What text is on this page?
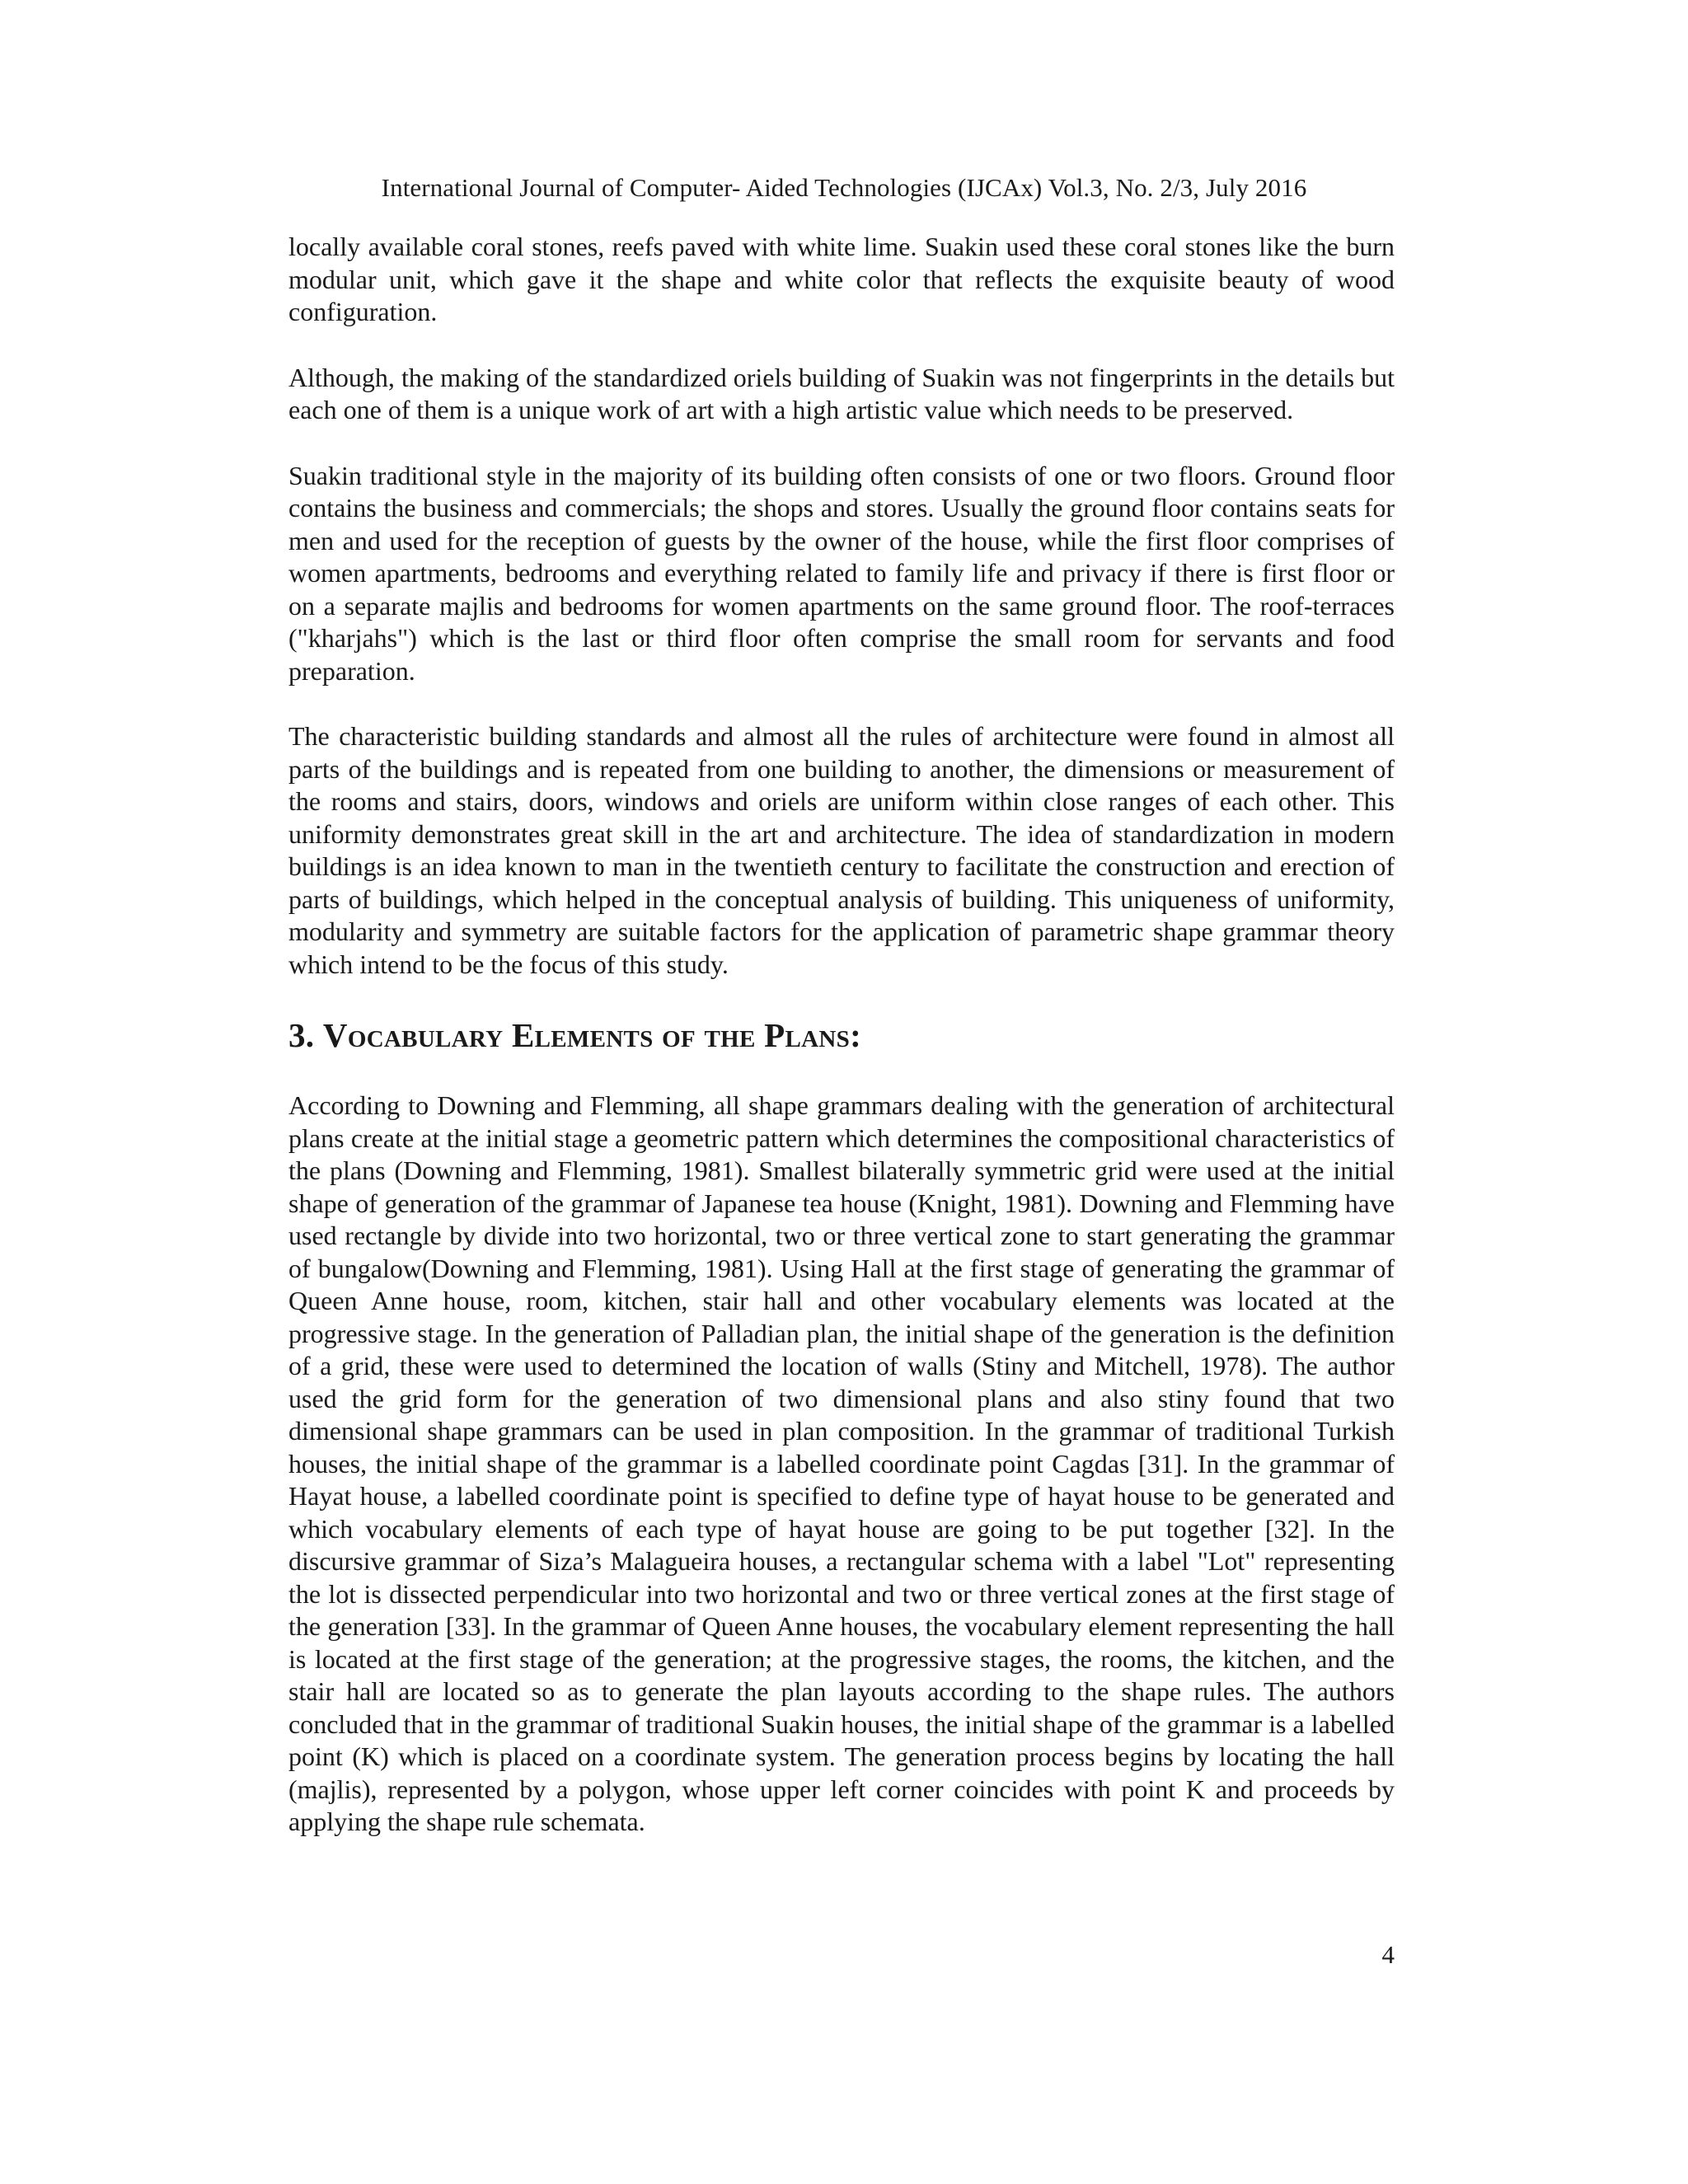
International Journal of Computer- Aided Technologies (IJCAx) Vol.3, No. 2/3, July 2016

locally available coral stones, reefs paved with white lime. Suakin used these coral stones like the burn modular unit, which gave it the shape and white color that reflects the exquisite beauty of wood configuration.

Although, the making of the standardized oriels building of Suakin was not fingerprints in the details but each one of them is a unique work of art with a high artistic value which needs to be preserved.

Suakin traditional style in the majority of its building often consists of one or two floors. Ground floor contains the business and commercials; the shops and stores. Usually the ground floor contains seats for men and used for the reception of guests by the owner of the house, while the first floor comprises of women apartments, bedrooms and everything related to family life and privacy if there is first floor or on a separate majlis and bedrooms for women apartments on the same ground floor. The roof-terraces ("kharjahs") which is the last or third floor often comprise the small room for servants and food preparation.

The characteristic building standards and almost all the rules of architecture were found in almost all parts of the buildings and is repeated from one building to another, the dimensions or measurement of the rooms and stairs, doors, windows and oriels are uniform within close ranges of each other. This uniformity demonstrates great skill in the art and architecture. The idea of standardization in modern buildings is an idea known to man in the twentieth century to facilitate the construction and erection of parts of buildings, which helped in the conceptual analysis of building. This uniqueness of uniformity, modularity and symmetry are suitable factors for the application of parametric shape grammar theory which intend to be the focus of this study.

3. Vocabulary Elements of the Plans:

According to Downing and Flemming, all shape grammars dealing with the generation of architectural plans create at the initial stage a geometric pattern which determines the compositional characteristics of the plans (Downing and Flemming, 1981). Smallest bilaterally symmetric grid were used at the initial shape of generation of the grammar of Japanese tea house (Knight, 1981). Downing and Flemming have used rectangle by divide into two horizontal, two or three vertical zone to start generating the grammar of bungalow(Downing and Flemming, 1981). Using Hall at the first stage of generating the grammar of Queen Anne house, room, kitchen, stair hall and other vocabulary elements was located at the progressive stage. In the generation of Palladian plan, the initial shape of the generation is the definition of a grid, these were used to determined the location of walls (Stiny and Mitchell, 1978). The author used the grid form for the generation of two dimensional plans and also stiny found that two dimensional shape grammars can be used in plan composition. In the grammar of traditional Turkish houses, the initial shape of the grammar is a labelled coordinate point Cagdas [31]. In the grammar of Hayat house, a labelled coordinate point is specified to define type of hayat house to be generated and which vocabulary elements of each type of hayat house are going to be put together [32]. In the discursive grammar of Siza’s Malagueira houses, a rectangular schema with a label "Lot" representing the lot is dissected perpendicular into two horizontal and two or three vertical zones at the first stage of the generation [33]. In the grammar of Queen Anne houses, the vocabulary element representing the hall is located at the first stage of the generation; at the progressive stages, the rooms, the kitchen, and the stair hall are located so as to generate the plan layouts according to the shape rules. The authors concluded that in the grammar of traditional Suakin houses, the initial shape of the grammar is a labelled point (K) which is placed on a coordinate system. The generation process begins by locating the hall (majlis), represented by a polygon, whose upper left corner coincides with point K and proceeds by applying the shape rule schemata.

4
